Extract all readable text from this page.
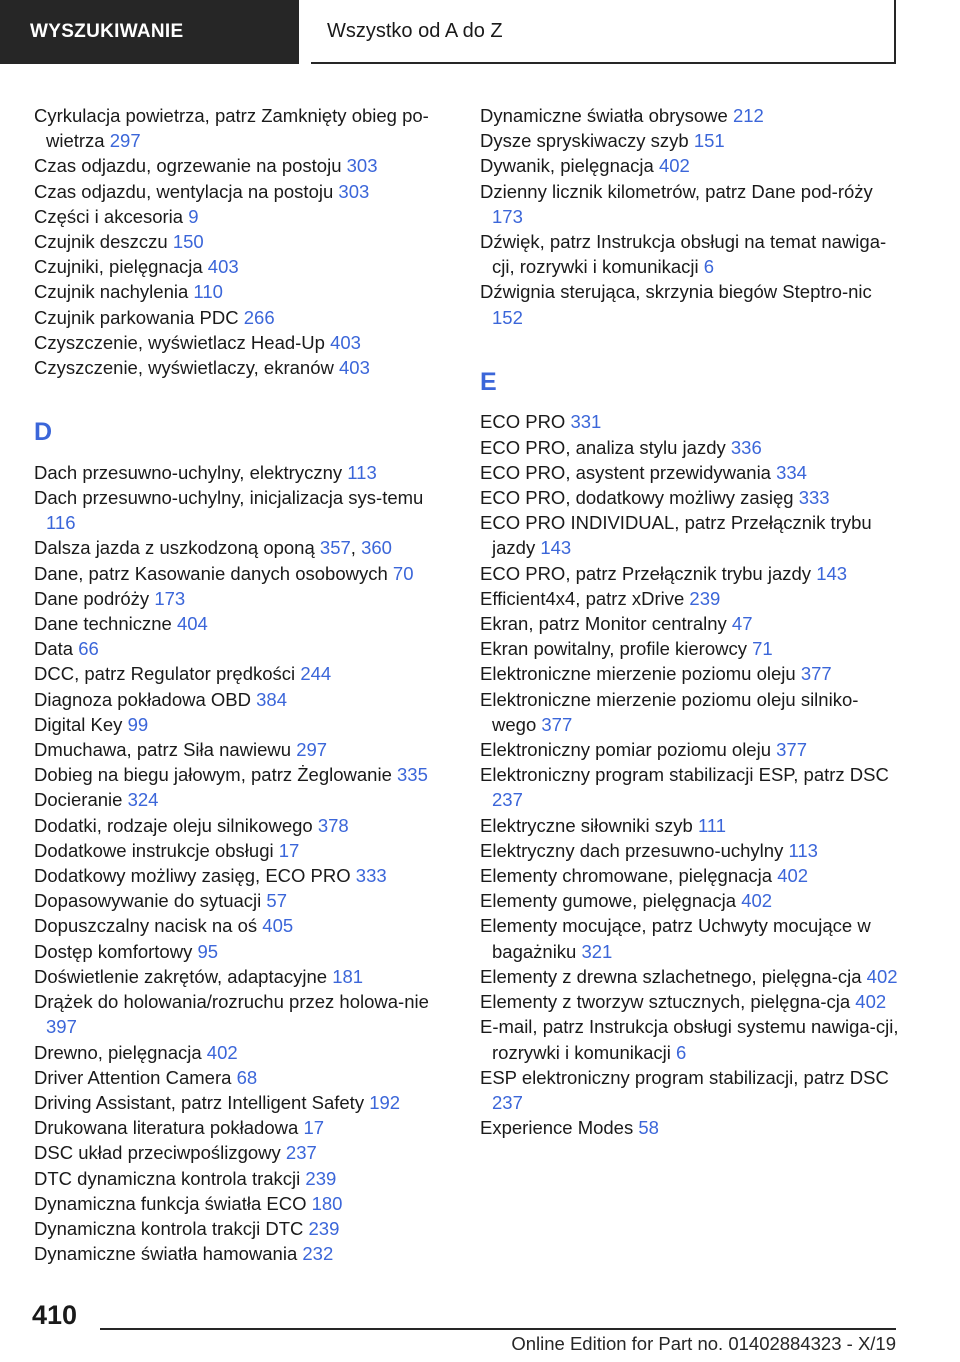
WYSZUKIWANIE	Wszystko od A do Z
Cyrkulacja powietrza, patrz Zamknięty obieg po-wietrza 297
Czas odjazdu, ogrzewanie na postoju 303
Czas odjazdu, wentylacja na postoju 303
Części i akcesoria 9
Czujnik deszczu 150
Czujniki, pielęgnacja 403
Czujnik nachylenia 110
Czujnik parkowania PDC 266
Czyszczenie, wyświetlacz Head-Up 403
Czyszczenie, wyświetlaczy, ekranów 403
D
Dach przesuwno-uchylny, elektryczny 113
Dach przesuwno-uchylny, inicjalizacja sys-temu 116
Dalsza jazda z uszkodzoną oponą 357, 360
Dane, patrz Kasowanie danych osobowych 70
Dane podróży 173
Dane techniczne 404
Data 66
DCC, patrz Regulator prędkości 244
Diagnoza pokładowa OBD 384
Digital Key 99
Dmuchawa, patrz Siła nawiewu 297
Dobieg na biegu jałowym, patrz Żeglowanie 335
Docieranie 324
Dodatki, rodzaje oleju silnikowego 378
Dodatkowe instrukcje obsługi 17
Dodatkowy możliwy zasięg, ECO PRO 333
Dopasowywanie do sytuacji 57
Dopuszczalny nacisk na oś 405
Dostęp komfortowy 95
Doświetlenie zakrętów, adaptacyjne 181
Drążek do holowania/rozruchu przez holowa-nie 397
Drewno, pielęgnacja 402
Driver Attention Camera 68
Driving Assistant, patrz Intelligent Safety 192
Drukowana literatura pokładowa 17
DSC układ przeciwpoślizgowy 237
DTC dynamiczna kontrola trakcji 239
Dynamiczna funkcja światła ECO 180
Dynamiczna kontrola trakcji DTC 239
Dynamiczne światła hamowania 232
Dynamiczne światła obrysowe 212
Dysze spryskiwaczy szyb 151
Dywanik, pielęgnacja 402
Dzienny licznik kilometrów, patrz Dane pod-róży 173
Dźwięk, patrz Instrukcja obsługi na temat nawiga-cji, rozrywki i komunikacji 6
Dźwignia sterująca, skrzynia biegów Steptro-nic 152
E
ECO PRO 331
ECO PRO, analiza stylu jazdy 336
ECO PRO, asystent przewidywania 334
ECO PRO, dodatkowy możliwy zasięg 333
ECO PRO INDIVIDUAL, patrz Przełącznik trybu jazdy 143
ECO PRO, patrz Przełącznik trybu jazdy 143
Efficient4x4, patrz xDrive 239
Ekran, patrz Monitor centralny 47
Ekran powitalny, profile kierowcy 71
Elektroniczne mierzenie poziomu oleju 377
Elektroniczne mierzenie poziomu oleju silniko-wego 377
Elektroniczny pomiar poziomu oleju 377
Elektroniczny program stabilizacji ESP, patrz DSC 237
Elektryczne siłowniki szyb 111
Elektryczny dach przesuwno-uchylny 113
Elementy chromowane, pielęgnacja 402
Elementy gumowe, pielęgnacja 402
Elementy mocujące, patrz Uchwyty mocujące w bagażniku 321
Elementy z drewna szlachetnego, pielęgna-cja 402
Elementy z tworzyw sztucznych, pielęgna-cja 402
E-mail, patrz Instrukcja obsługi systemu nawiga-cji, rozrywki i komunikacji 6
ESP elektroniczny program stabilizacji, patrz DSC 237
Experience Modes 58
410
Online Edition for Part no. 01402884323 - X/19
